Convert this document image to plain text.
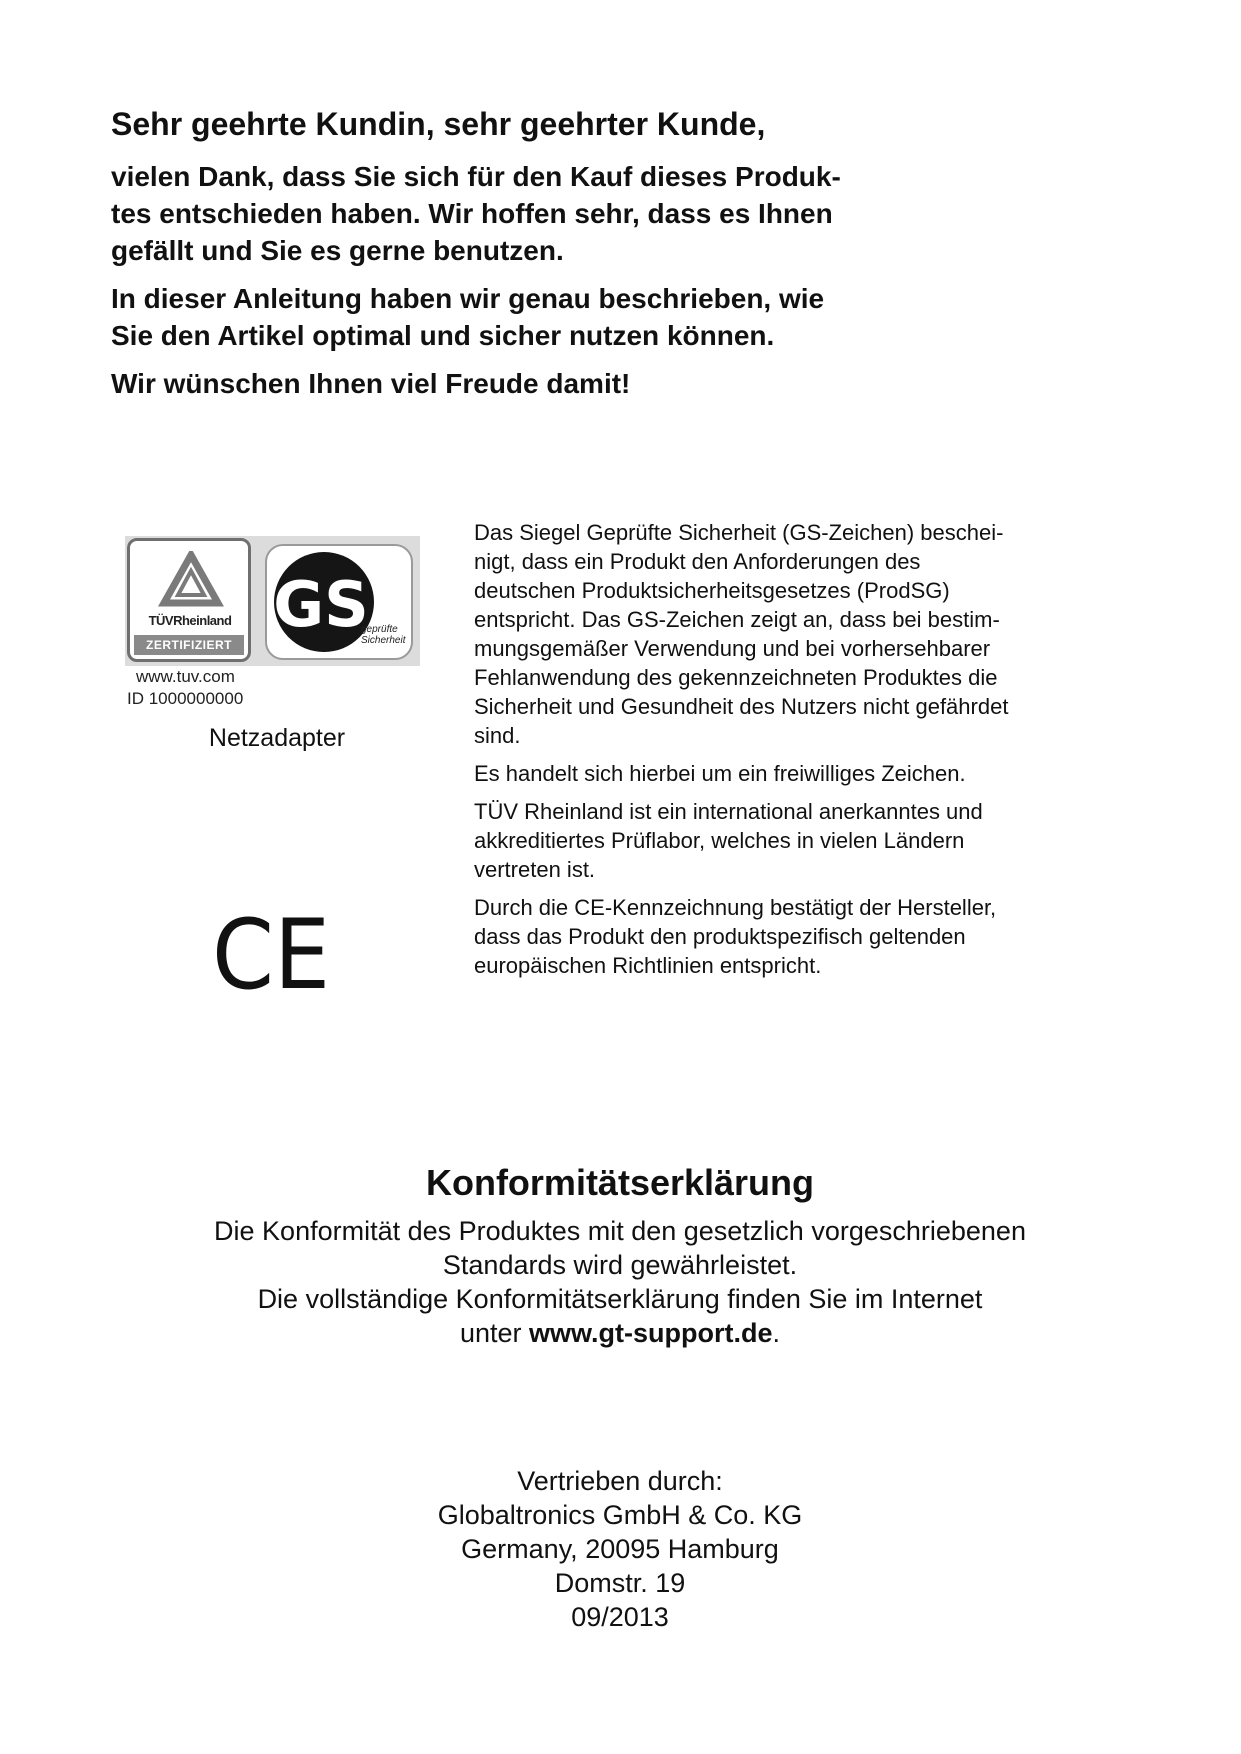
Sehr geehrte Kundin, sehr geehrter Kunde,

vielen Dank, dass Sie sich für den Kauf dieses Produk-
tes entschieden haben. Wir hoffen sehr, dass es Ihnen
gefällt und Sie es gerne benutzen.

In dieser Anleitung haben wir genau beschrieben, wie
Sie den Artikel optimal und sicher nutzen können.

Wir wünschen Ihnen viel Freude damit!

TÜVRheinland
ZERTIFIZIERT
GS
geprüfte
Sicherheit
www.tuv.com
ID 1000000000
Netzadapter
CE

Das Siegel Geprüfte Sicherheit (GS-Zeichen) beschei-
nigt, dass ein Produkt den Anforderungen des
deutschen Produktsicherheitsgesetzes (ProdSG)
entspricht. Das GS-Zeichen zeigt an, dass bei bestim-
mungsgemäßer Verwendung und bei vorhersehbarer
Fehlanwendung des gekennzeichneten Produktes die
Sicherheit und Gesundheit des Nutzers nicht gefährdet
sind.

Es handelt sich hierbei um ein freiwilliges Zeichen.

TÜV Rheinland ist ein international anerkanntes und
akkreditiertes Prüflabor, welches in vielen Ländern
vertreten ist.

Durch die CE-Kennzeichnung bestätigt der Hersteller,
dass das Produkt den produktspezifisch geltenden
europäischen Richtlinien entspricht.

Konformitätserklärung
Die Konformität des Produktes mit den gesetzlich vorgeschriebenen
Standards wird gewährleistet.
Die vollständige Konformitätserklärung finden Sie im Internet
unter www.gt-support.de.
Vertrieben durch:
Globaltronics GmbH & Co. KG
Germany, 20095 Hamburg
Domstr. 19
09/2013
